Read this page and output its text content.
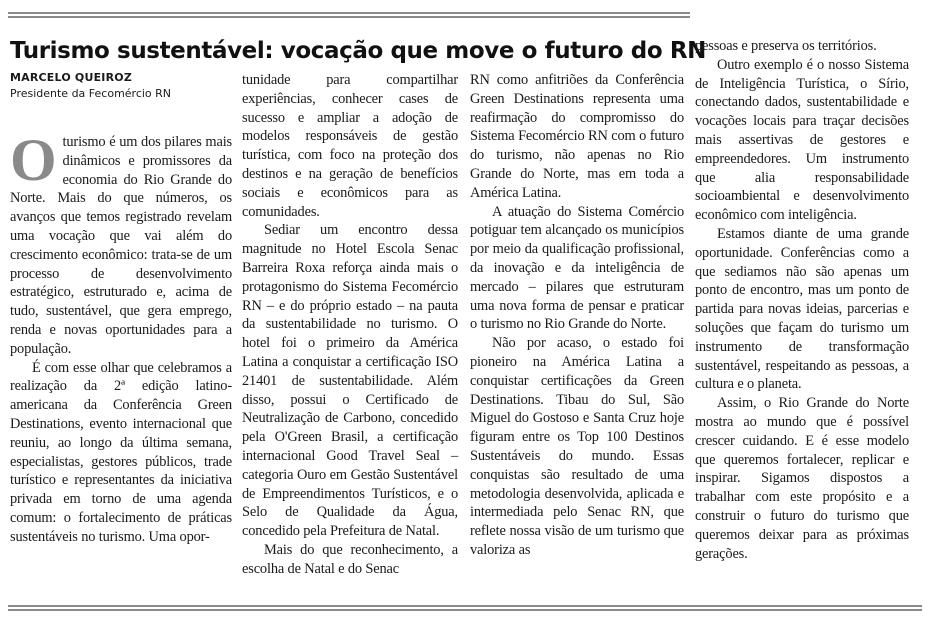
Turismo sustentável: vocação que move o futuro do RN
MARCELO QUEIROZ
Presidente da Fecomércio RN

Oturismo é um dos pilares mais dinâmicos e promissores da economia do Rio Grande do Norte. Mais do que números, os avanços que temos registrado revelam uma vocação que vai além do crescimento econômico: trata-se de um processo de desenvolvimento estratégico, estruturado e, acima de tudo, sustentável, que gera emprego, renda e novas oportunidades para a população.

É com esse olhar que celebramos a realização da 2ª edição latino-americana da Conferência Green Destinations, evento internacional que reuniu, ao longo da última semana, especialistas, gestores públicos, trade turístico e representantes da iniciativa privada em torno de uma agenda comum: o fortalecimento de práticas sustentáveis no turismo. Uma opor-

tunidade para compartilhar experiências, conhecer cases de sucesso e ampliar a adoção de modelos responsáveis de gestão turística, com foco na proteção dos destinos e na geração de benefícios sociais e econômicos para as comunidades.

Sediar um encontro dessa magnitude no Hotel Escola Senac Barreira Roxa reforça ainda mais o protagonismo do Sistema Fecomércio RN – e do próprio estado – na pauta da sustentabilidade no turismo. O hotel foi o primeiro da América Latina a conquistar a certificação ISO 21401 de sustentabilidade. Além disso, possui o Certificado de Neutralização de Carbono, concedido pela O'Green Brasil, a certificação internacional Good Travel Seal – categoria Ouro em Gestão Sustentável de Empreendimentos Turísticos, e o Selo de Qualidade da Água, concedido pela Prefeitura de Natal.

Mais do que reconhecimento, a escolha de Natal e do Senac

RN como anfitriões da Conferência Green Destinations representa uma reafirmação do compromisso do Sistema Fecomércio RN com o futuro do turismo, não apenas no Rio Grande do Norte, mas em toda a América Latina.

A atuação do Sistema Comércio potiguar tem alcançado os municípios por meio da qualificação profissional, da inovação e da inteligência de mercado – pilares que estruturam uma nova forma de pensar e praticar o turismo no Rio Grande do Norte.

Não por acaso, o estado foi pioneiro na América Latina a conquistar certificações da Green Destinations. Tibau do Sul, São Miguel do Gostoso e Santa Cruz hoje figuram entre os Top 100 Destinos Sustentáveis do mundo. Essas conquistas são resultado de uma metodologia desenvolvida, aplicada e intermediada pelo Senac RN, que reflete nossa visão de um turismo que valoriza as

pessoas e preserva os territórios.

Outro exemplo é o nosso Sistema de Inteligência Turística, o Sírio, conectando dados, sustentabilidade e vocações locais para traçar decisões mais assertivas de gestores e empreendedores. Um instrumento que alia responsabilidade socioambiental e desenvolvimento econômico com inteligência.

Estamos diante de uma grande oportunidade. Conferências como a que sediamos não são apenas um ponto de encontro, mas um ponto de partida para novas ideias, parcerias e soluções que façam do turismo um instrumento de transformação sustentável, respeitando as pessoas, a cultura e o planeta.

Assim, o Rio Grande do Norte mostra ao mundo que é possível crescer cuidando. E é esse modelo que queremos fortalecer, replicar e inspirar. Sigamos dispostos a trabalhar com este propósito e a construir o futuro do turismo que queremos deixar para as próximas gerações.
